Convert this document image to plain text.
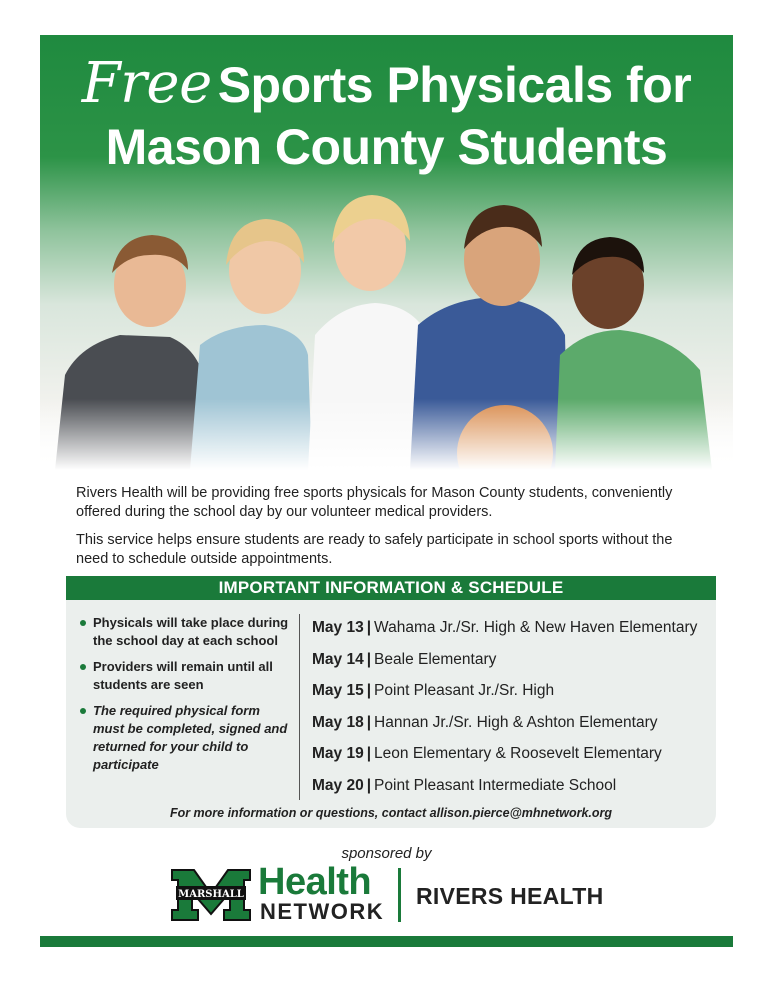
Free Sports Physicals for
Mason County Students

Rivers Health will be providing free sports physicals for Mason County students, conveniently offered during the school day by our volunteer medical providers.

This service helps ensure students are ready to safely participate in school sports without the need to schedule outside appointments.

IMPORTANT INFORMATION & SCHEDULE
Physicals will take place during the school day at each school
Providers will remain until all students are seen
The required physical form must be completed, signed and returned for your child to participate
May 13 | Wahama Jr./Sr. High & New Haven Elementary
May 14 | Beale Elementary
May 15 | Point Pleasant Jr./Sr. High
May 18 | Hannan Jr./Sr. High & Ashton Elementary
May 19 | Leon Elementary & Roosevelt Elementary
May 20 | Point Pleasant Intermediate School
For more information or questions, contact allison.pierce@mhnetwork.org
sponsored by
MARSHALL Health
NETWORK
RIVERS HEALTH
